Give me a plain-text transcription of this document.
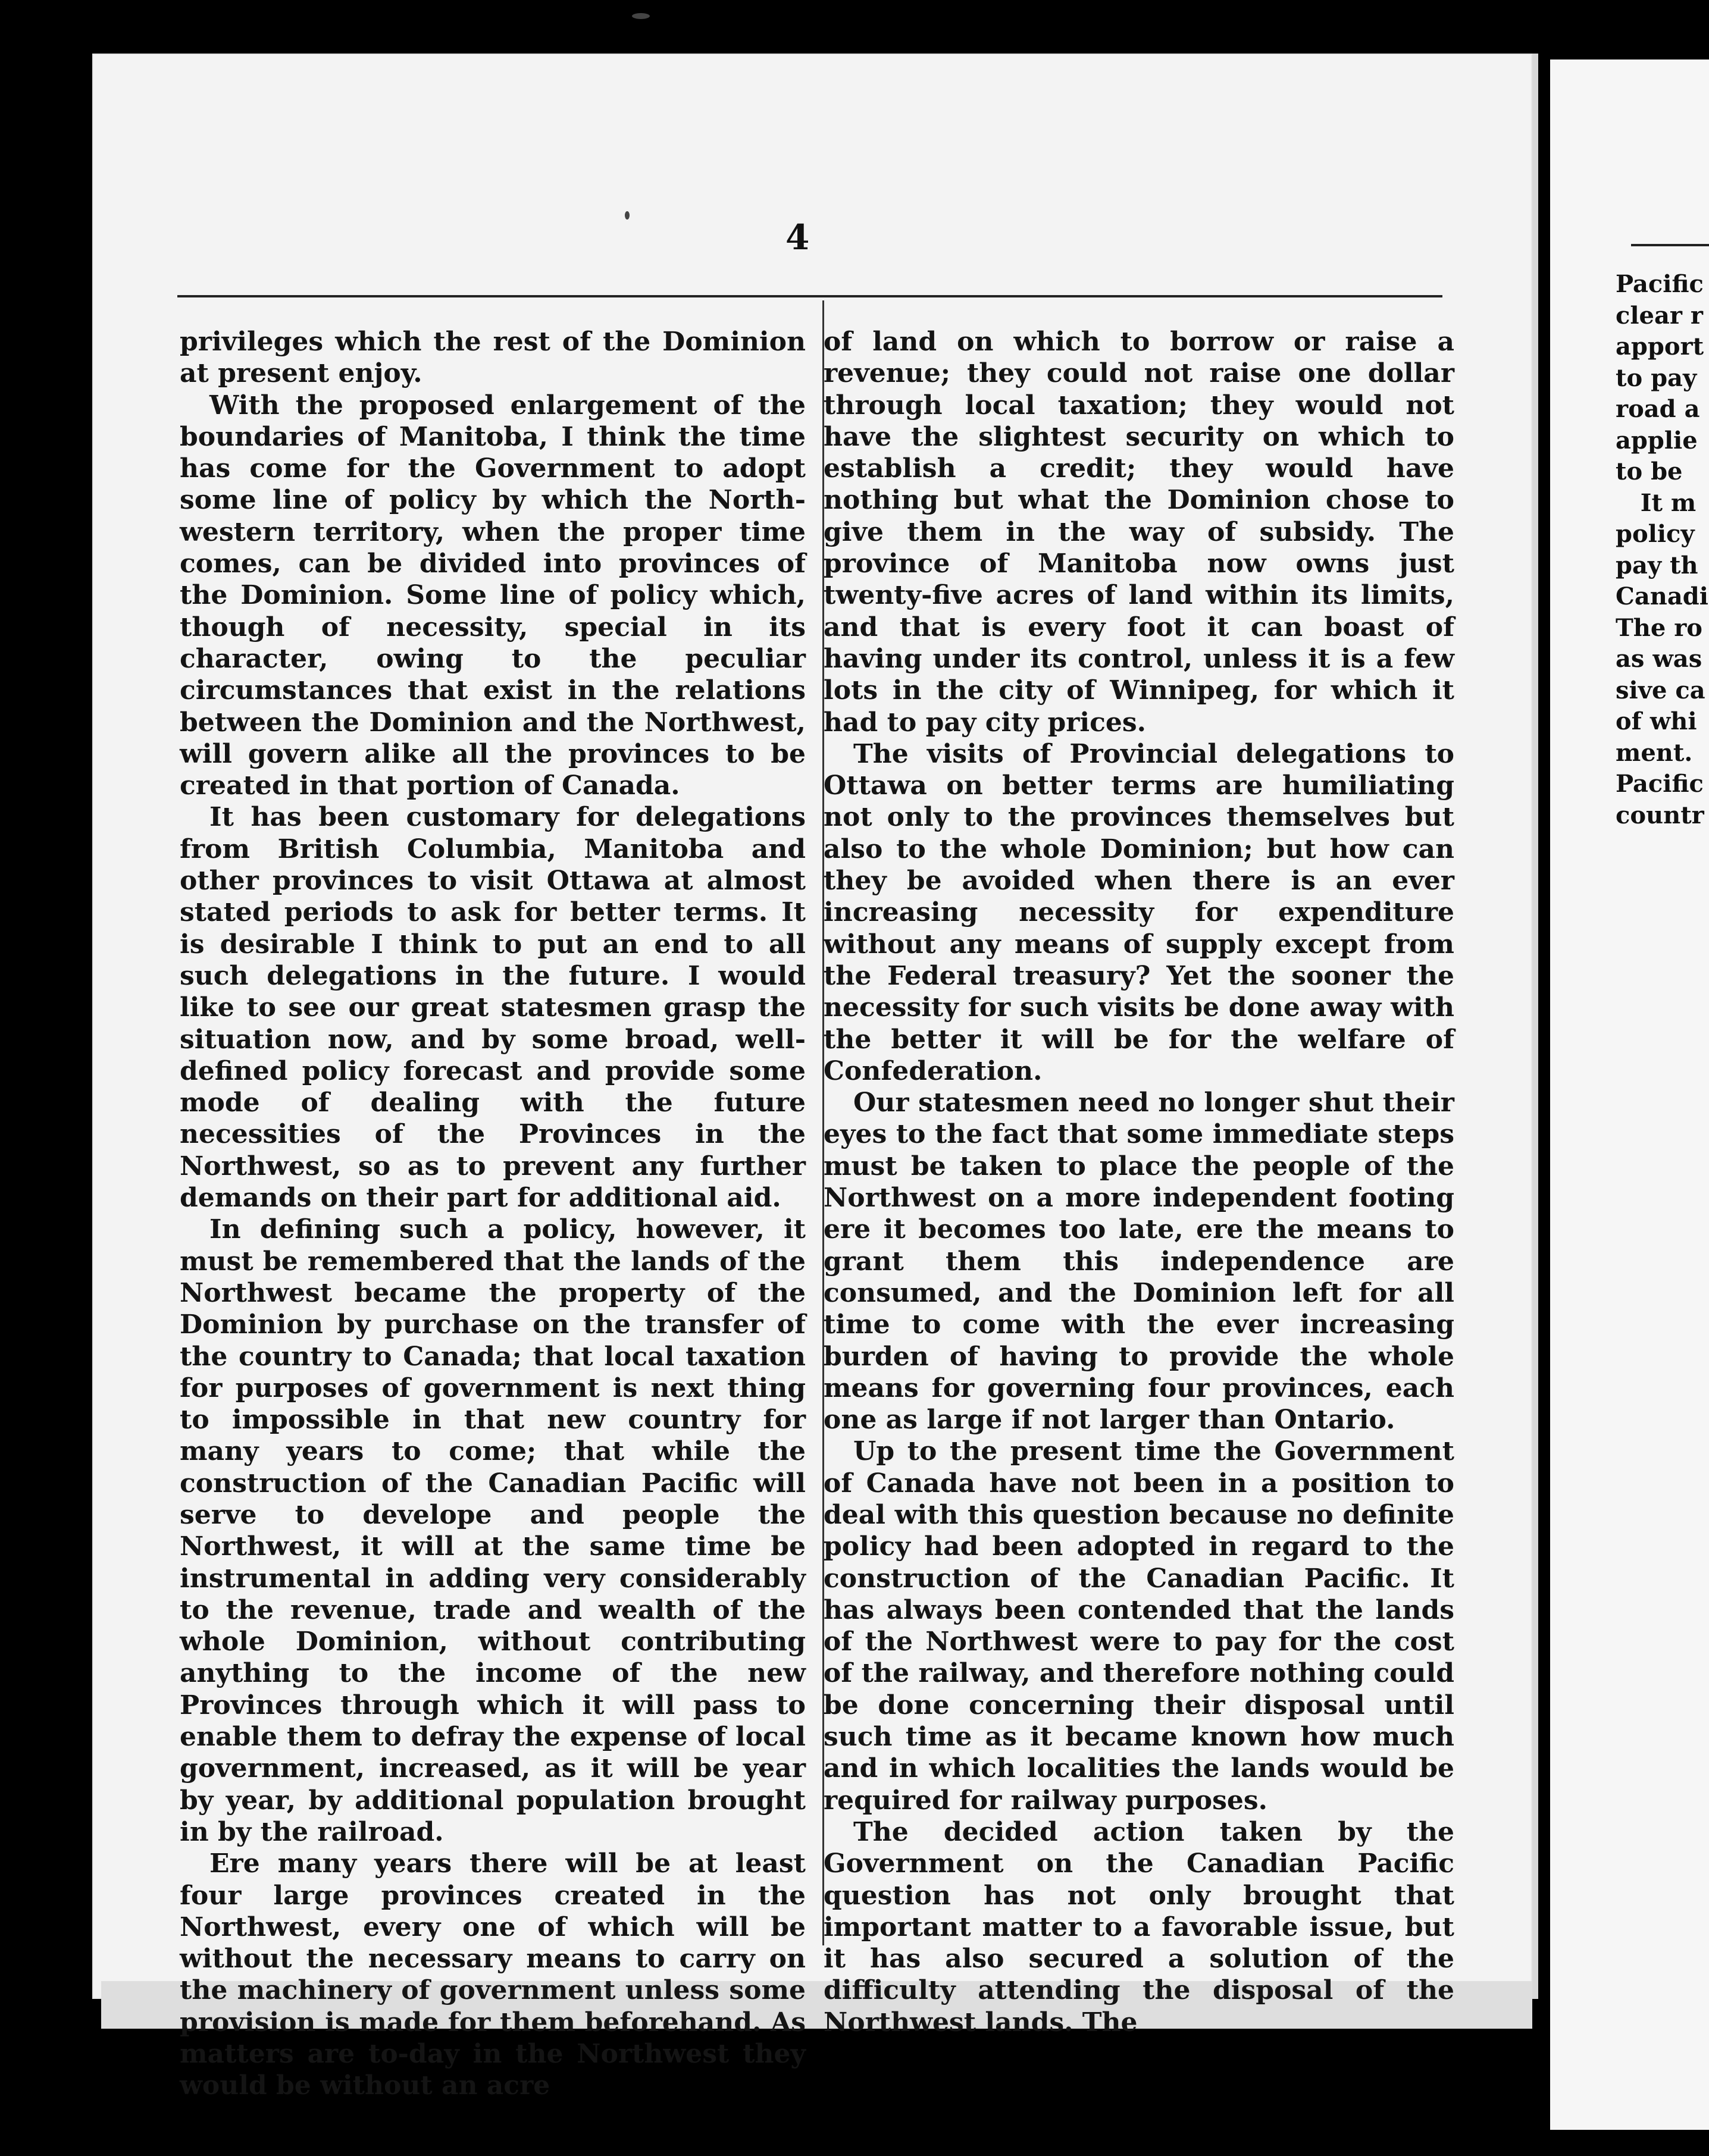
Pacific
clear r
apport
to pay
road a
applie
to be
It m
policy
pay th
Canadi
The ro
as was
sive ca
of whi
ment.
Pacific
countr
4

privileges which the rest of the Dominion at present enjoy.

With the proposed enlargement of the boundaries of Manitoba, I think the time has come for the Government to adopt some line of policy by which the North-western territory, when the proper time comes, can be divided into provinces of the Dominion. Some line of policy which, though of necessity, special in its character, owing to the peculiar circumstances that exist in the relations between the Dominion and the Northwest, will govern alike all the provinces to be created in that portion of Canada.

It has been customary for delegations from British Columbia, Manitoba and other provinces to visit Ottawa at almost stated periods to ask for better terms. It is desirable I think to put an end to all such delegations in the future. I would like to see our great statesmen grasp the situation now, and by some broad, well-defined policy forecast and provide some mode of dealing with the future necessities of the Provinces in the Northwest, so as to prevent any further demands on their part for additional aid.

In defining such a policy, however, it must be remembered that the lands of the Northwest became the property of the Dominion by purchase on the transfer of the country to Canada; that local taxation for purposes of government is next thing to impossible in that new country for many years to come; that while the construction of the Canadian Pacific will serve to develope and people the Northwest, it will at the same time be instrumental in adding very considerably to the revenue, trade and wealth of the whole Dominion, without contributing anything to the income of the new Provinces through which it will pass to enable them to defray the expense of local government, increased, as it will be year by year, by additional population brought in by the railroad.

Ere many years there will be at least four large provinces created in the Northwest, every one of which will be without the necessary means to carry on the machinery of government unless some provision is made for them beforehand. As matters are to-day in the Northwest they would be without an acre

of land on which to borrow or raise a revenue; they could not raise one dollar through local taxation; they would not have the slightest security on which to establish a credit; they would have nothing but what the Dominion chose to give them in the way of subsidy. The province of Manitoba now owns just twenty-five acres of land within its limits, and that is every foot it can boast of having under its control, unless it is a few lots in the city of Winnipeg, for which it had to pay city prices.

The visits of Provincial delegations to Ottawa on better terms are humiliating not only to the provinces themselves but also to the whole Dominion; but how can they be avoided when there is an ever increasing necessity for expenditure without any means of supply except from the Federal treasury? Yet the sooner the necessity for such visits be done away with the better it will be for the welfare of Confederation.

Our statesmen need no longer shut their eyes to the fact that some immediate steps must be taken to place the people of the Northwest on a more independent footing ere it becomes too late, ere the means to grant them this independence are consumed, and the Dominion left for all time to come with the ever increasing burden of having to provide the whole means for governing four provinces, each one as large if not larger than Ontario.

Up to the present time the Government of Canada have not been in a position to deal with this question because no definite policy had been adopted in regard to the construction of the Canadian Pacific. It has always been contended that the lands of the Northwest were to pay for the cost of the railway, and therefore nothing could be done concerning their disposal until such time as it became known how much and in which localities the lands would be required for railway purposes.

The decided action taken by the Government on the Canadian Pacific question has not only brought that important matter to a favorable issue, but it has also secured a solution of the difficulty attending the disposal of the Northwest lands. The
